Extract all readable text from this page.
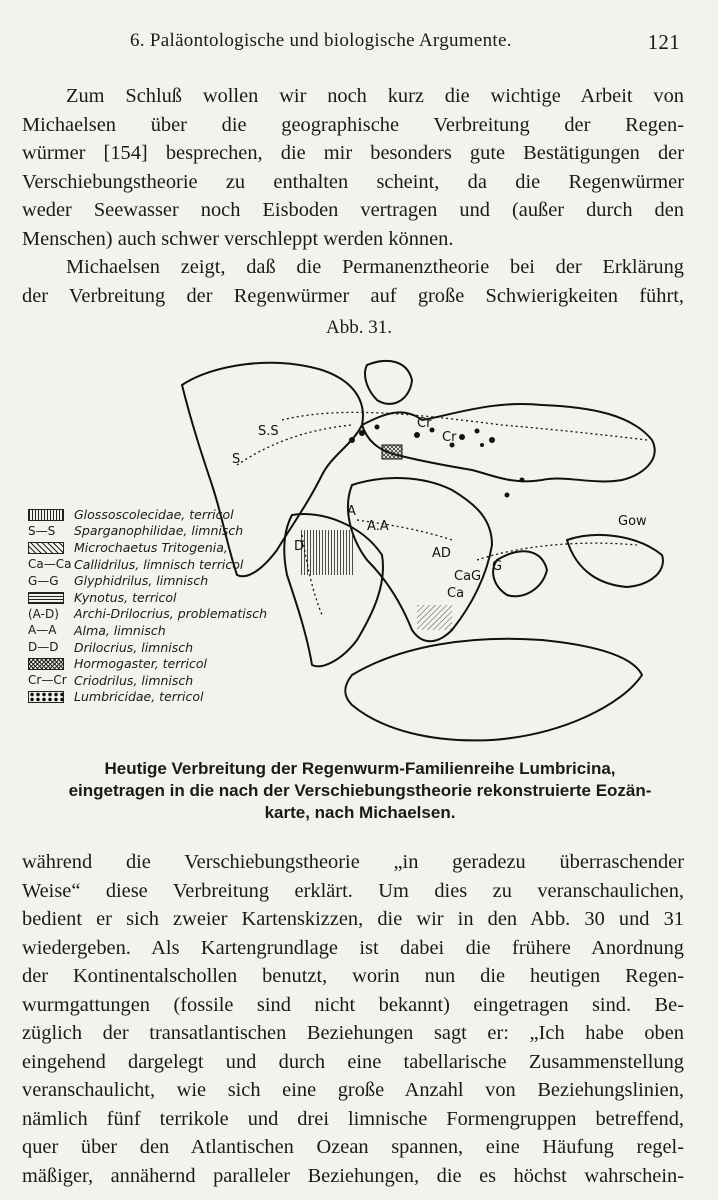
6. Paläontologische und biologische Argumente.	121
Zum Schluß wollen wir noch kurz die wichtige Arbeit von
Michaelsen über die geographische Verbreitung der Regen-
würmer [154] besprechen, die mir besonders gute Bestätigungen der
Verschiebungstheorie zu enthalten scheint, da die Regenwürmer
weder Seewasser noch Eisboden vertragen und (außer durch den
Menschen) auch schwer verschleppt werden können.
Michaelsen zeigt, daß die Permanenztheorie bei der Erklärung
der Verbreitung der Regenwürmer auf große Schwierigkeiten führt,
Abb. 31.
S.S
S
Cr
Cr
A
A.A
AD
CaG
Ca
G
Gow
D
Glossoscolecidae, terricol
S—S	Sparganophilidae, limnisch
Microchaetus Tritogenia,
Ca—Ca Callidrilus, limnisch terricol
G—G	Glyphidrilus, limnisch
Kynotus, terricol
(A-D)	Archi-Drilocrius, problematisch
A—A	Alma, limnisch
D—D	Drilocrius, limnisch
Hormogaster, terricol
Cr—Cr Criodrilus, limnisch
Lumbricidae, terricol
Heutige Verbreitung der Regenwurm-Familienreihe Lumbricina,
eingetragen in die nach der Verschiebungstheorie rekonstruierte Eozän-
karte, nach Michaelsen.
während die Verschiebungstheorie „in geradezu überraschender
Weise“ diese Verbreitung erklärt. Um dies zu veranschaulichen,
bedient er sich zweier Kartenskizzen, die wir in den Abb. 30 und 31
wiedergeben. Als Kartengrundlage ist dabei die frühere Anordnung
der Kontinentalschollen benutzt, worin nun die heutigen Regen-
wurmgattungen (fossile sind nicht bekannt) eingetragen sind. Be-
züglich der transatlantischen Beziehungen sagt er: „Ich habe oben
eingehend dargelegt und durch eine tabellarische Zusammenstellung
veranschaulicht, wie sich eine große Anzahl von Beziehungslinien,
nämlich fünf terrikole und drei limnische Formengruppen betreffend,
quer über den Atlantischen Ozean spannen, eine Häufung regel-
mäßiger, annähernd paralleler Beziehungen, die es höchst wahrschein-
